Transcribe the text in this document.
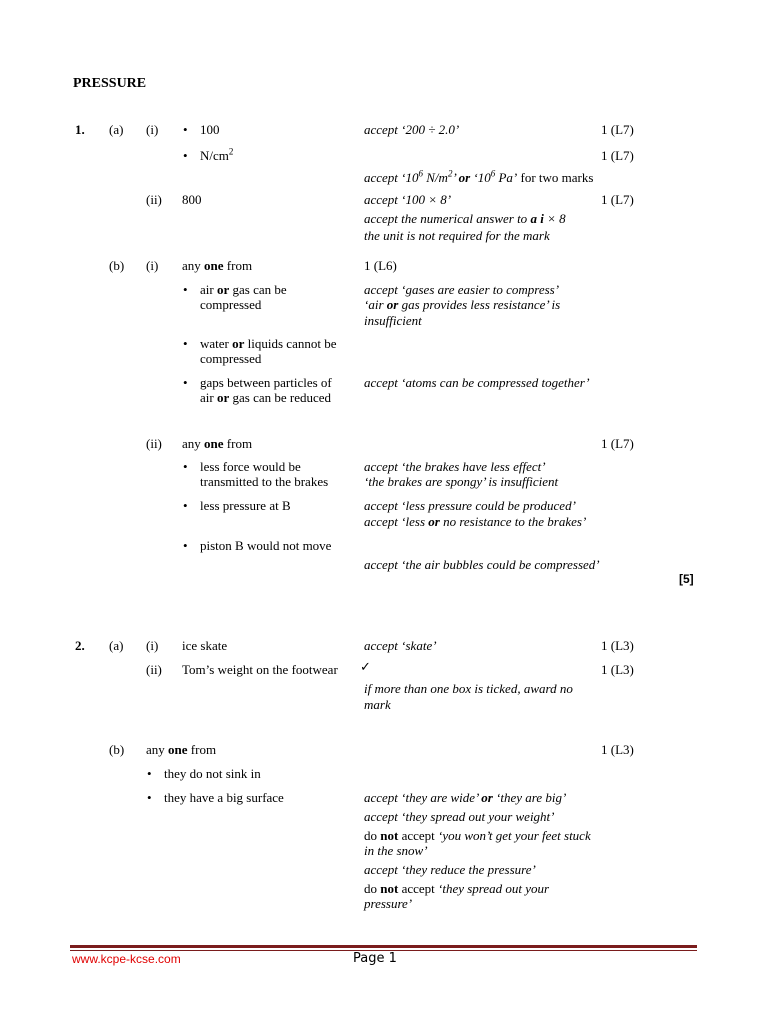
PRESSURE
1. (a) (i)
•	100	accept ‘200 ÷ 2.0’	1 (L7)
• $N/cm^2$	1 (L7)
accept ‘$10^6$ $N/m^2$’ or ‘$10^6$ Pa’ for two marks
(ii) 800	accept ‘100 × 8’	1 (L7)
accept the numerical answer to a i × 8
the unit is not required for the mark
(b) (i) any one from	1 (L6)
• air or gas can be
compressed
accept ‘gases are easier to compress’
‘air or gas provides less resistance’ is
insufficient
• water or liquids cannot be
compressed
• gaps between particles of
air or gas can be reduced
accept ‘atoms can be compressed together’
(ii) any one from	1 (L7)
• less force would be
transmitted to the brakes
accept ‘the brakes have less effect’
‘the brakes are spongy’ is insufficient
• less pressure at B	accept ‘less pressure could be produced’
accept ‘less or no resistance to the brakes’
• piston B would not move
accept ‘the air bubbles could be compressed’
[5]
2. (a) (i) ice skate	accept ‘skate’	1 (L3)
(ii) Tom’s weight on the footwear ✓	1 (L3)
if more than one box is ticked, award no
mark
(b) any one from	1 (L3)
• they do not sink in
• they have a big surface	accept ‘they are wide’ or ‘they are big’
accept ‘they spread out your weight’
do not accept ‘you won’t get your feet stuck
in the snow’
accept ‘they reduce the pressure’
do not accept ‘they spread out your
pressure’
www.kcpe-kcse.com	Page 1
